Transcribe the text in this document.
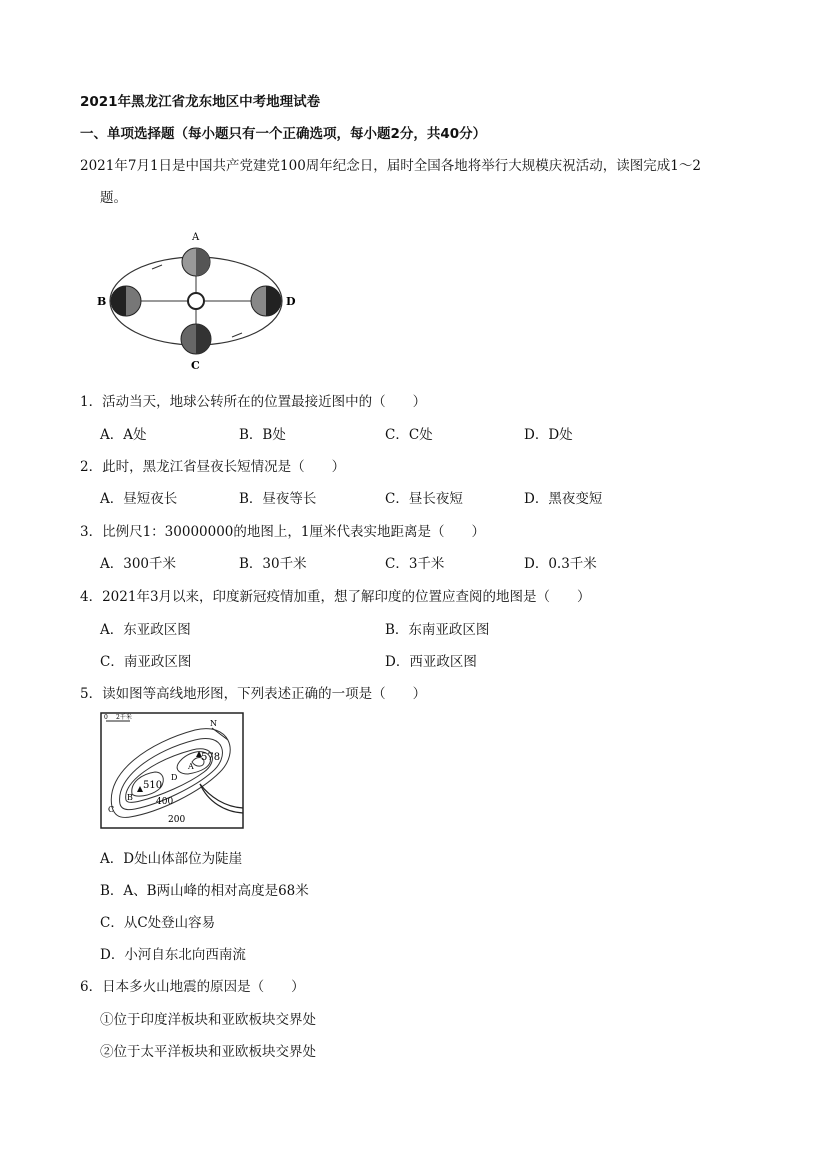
2021年黑龙江省龙东地区中考地理试卷
一、单项选择题（每小题只有一个正确选项，每小题2分，共40分）
2021年7月1日是中国共产党建党100周年纪念日，届时全国各地将举行大规模庆祝活动，读图完成1～2
题。
A
B
C
D
1．活动当天，地球公转所在的位置最接近图中的（　　）
A．A处	B．B处	C．C处	D．D处
2．此时，黑龙江省昼夜长短情况是（　　）
A．昼短夜长	B．昼夜等长	C．昼长夜短	D．黑夜变短
3．比例尺1：30000000的地图上，1厘米代表实地距离是（　　）
A．300千米	B．30千米	C．3千米	D．0.3千米
4．2021年3月以来，印度新冠疫情加重，想了解印度的位置应查阅的地图是（　　）
A．东亚政区图	B．东南亚政区图
C．南亚政区图	D．西亚政区图
5．读如图等高线地形图，下列表述正确的一项是（　　）
0 2千米
N
578
510
400
200
A
B
C
D
A．D处山体部位为陡崖
B．A、B两山峰的相对高度是68米
C．从C处登山容易
D．小河自东北向西南流
6．日本多火山地震的原因是（　　）
①位于印度洋板块和亚欧板块交界处
②位于太平洋板块和亚欧板块交界处
